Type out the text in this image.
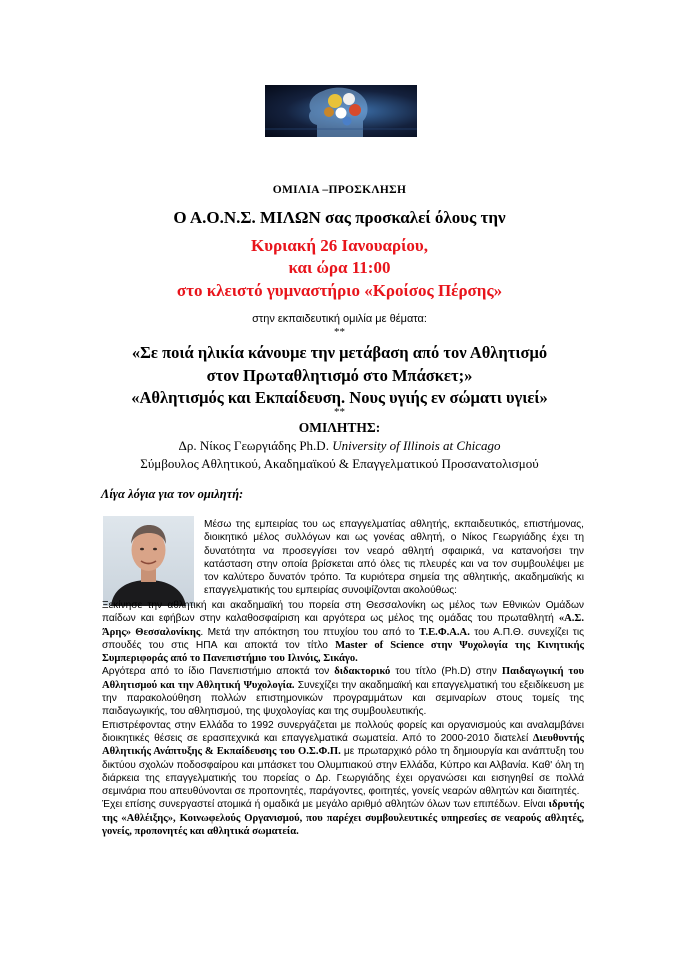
ΟΜΙΛΙΑ –ΠΡΟΣΚΛΗΣΗ
Ο Α.Ο.Ν.Σ. ΜΙΛΩΝ σας προσκαλεί όλους την
Κυριακή 26 Ιανουαρίου,
και ώρα 11:00
στο κλειστό γυμναστήριο «Κροίσος Πέρσης»
στην εκπαιδευτική ομιλία με θέματα:
**
«Σε ποιά ηλικία κάνουμε την μετάβαση από τον Αθλητισμό
στον Πρωταθλητισμό στο Μπάσκετ;»
«Αθλητισμός και Εκπαίδευση. Νους υγιής εν σώματι υγιεί»
**
ΟΜΙΛΗΤΗΣ:
Δρ. Νίκος Γεωργιάδης Ph.D. University of Illinois at Chicago
Σύμβουλος Αθλητικού, Ακαδημαϊκού & Επαγγελματικού Προσανατολισμού
Λίγα λόγια για τον ομιλητή:
Μέσω της εμπειρίας του ως επαγγελματίας αθλητής, εκπαιδευτικός, επιστήμονας, διοικητικό μέλος συλλόγων και ως γονέας αθλητή, ο Νίκος Γεωργιάδης έχει τη δυνατότητα να προσεγγίσει τον νεαρό αθλητή σφαιρικά, να κατανοήσει την κατάσταση στην οποία βρίσκεται από όλες τις πλευρές και να τον συμβουλέψει με τον καλύτερο δυνατόν τρόπο. Τα κυριότερα σημεία της αθλητικής, ακαδημαϊκής κι επαγγελματικής του εμπειρίας συνοψίζονται ακολούθως:

Ξεκίνησε την αθλητική και ακαδημαϊκή του πορεία στη Θεσσαλονίκη ως μέλος των Εθνικών Ομάδων παίδων και εφήβων στην καλαθοσφαίριση και αργότερα ως μέλος της ομάδας του πρωταθλητή «Α.Σ. Άρης» Θεσσαλονίκης. Μετά την απόκτηση του πτυχίου του από το Τ.Ε.Φ.Α.Α. του Α.Π.Θ. συνεχίζει τις σπουδές του στις ΗΠΑ και αποκτά τον τίτλο Master of Science στην Ψυχολογία της Κινητικής Συμπεριφοράς από το Πανεπιστήμιο του Ιλινόις, Σικάγο.

Αργότερα από το ίδιο Πανεπιστήμιο αποκτά τον διδακτορικό του τίτλο (Ph.D) στην Παιδαγωγική του Αθλητισμού και την Αθλητική Ψυχολογία. Συνεχίζει την ακαδημαϊκή και επαγγελματική του εξειδίκευση με την παρακολούθηση πολλών επιστημονικών προγραμμάτων και σεμιναρίων στους τομείς της παιδαγωγικής, του αθλητισμού, της ψυχολογίας και της συμβουλευτικής.

Επιστρέφοντας στην Ελλάδα το 1992 συνεργάζεται με πολλούς φορείς και οργανισμούς και αναλαμβάνει διοικητικές θέσεις σε ερασιτεχνικά και επαγγελματικά σωματεία. Από το 2000-2010 διατελεί Διευθυντής Αθλητικής Ανάπτυξης & Εκπαίδευσης του Ο.Σ.Φ.Π. με πρωταρχικό ρόλο τη δημιουργία και ανάπτυξη του δικτύου σχολών ποδοσφαίρου και μπάσκετ του Ολυμπιακού στην Ελλάδα, Κύπρο και Αλβανία. Καθ' όλη τη διάρκεια της επαγγελματικής του πορείας ο Δρ. Γεωργιάδης έχει οργανώσει και εισηγηθεί σε πολλά σεμινάρια που απευθύνονται σε προπονητές, παράγοντες, φοιτητές, γονείς νεαρών αθλητών και διαιτητές.

Έχει επίσης συνεργαστεί ατομικά ή ομαδικά με μεγάλο αριθμό αθλητών όλων των επιπέδων. Είναι ιδρυτής της «Αθλέιξης», Κοινωφελούς Οργανισμού, που παρέχει συμβουλευτικές υπηρεσίες σε νεαρούς αθλητές, γονείς, προπονητές και αθλητικά σωματεία.
